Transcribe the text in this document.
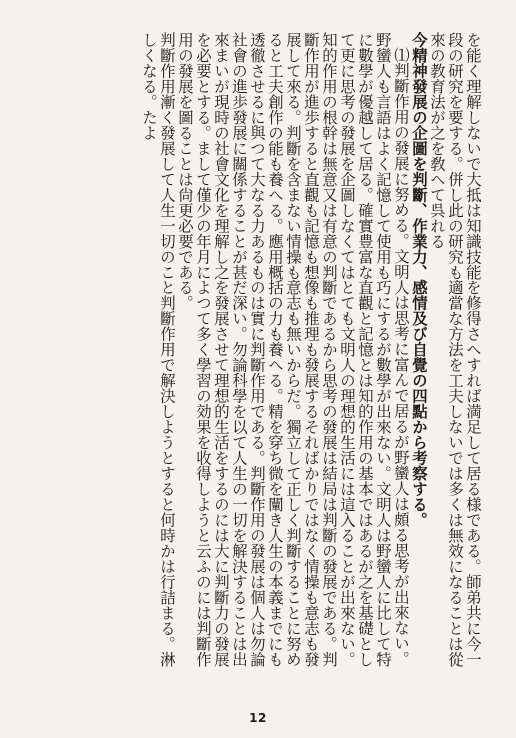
を能く理解しないで大抵は知識技能を修得さへすれば満足して居る様である。師弟共に今一段の研究を要する。併し此の研究も適當な方法を工夫しないでは多くは無效になることは從來の教育法が之を敎へて呉れる

今精神發展の企圖を判斷、作業力、感情及び自覺の四點から考察する。

⑴判斷作用の發展に努める。文明人は思考に富んで居るが野蠻人は頗る思考が出來ない。野蠻人も言語はよく記憶して使用も巧にするが數學が出來ない。文明人は野蠻人に比して特に數學が優越して居る。確實豊富な直觀と記憶とは知的作用の基本ではあるが之を基礎として更に思考の發展を企圖しなくてはとても文明人の理想的生活には這入ることが出來ない。知的作用の根幹は無意又は有意の判斷であるから思考の發展は結局は判斷の發展である。判斷作用が進歩すると直觀も記憶も想像も推理も發展するそればかりではなく情操も意志も發展して來る。判斷を含まない情操も意志も無いからだ。獨立して正しく判斷することに努めると工夫創作の能も養へる。應用概括の力も養へる。精を穿ち微を闡き人生の本義までにも透徹させるに與つて大なる力あるものは實に判斷作用である。判斷作用の發展は個人は勿論社會の進歩發展に關係することが甚だ深い。勿論科學を以て人生の一切を解決することは出來まいが現時の社會文化を理解し之を發展させて理想的生活をするのには大に判斷力の發展を必要とする。まして僅少の年月によつて多く學習の効果を收得しようと云ふのには判斷作用の發展を圖ることは尙更必要である。

判斷作用漸く發展して人生一切のこと判斷作用で解決しようとすると何時かは行詰まる。淋しくなる。たよ

12
